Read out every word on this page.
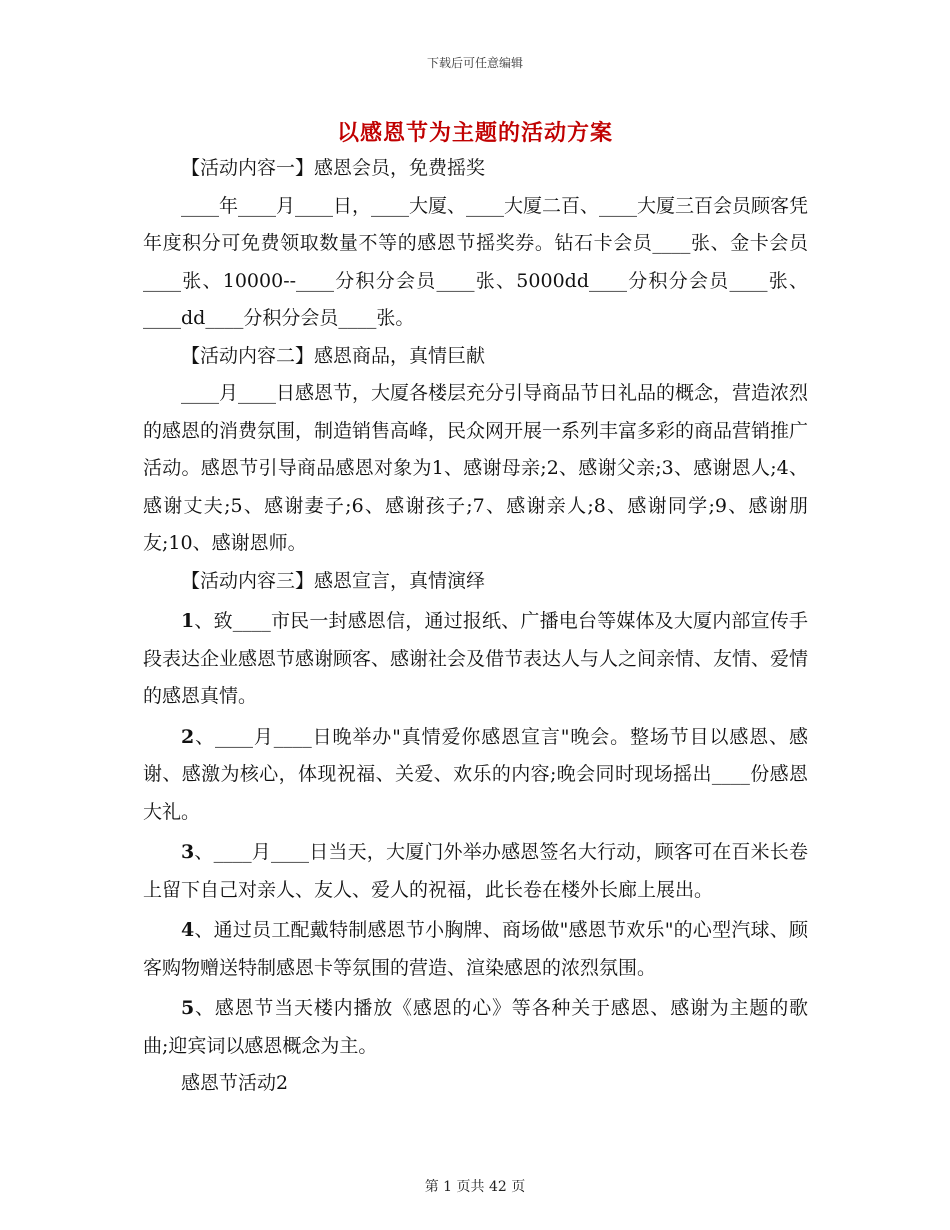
下载后可任意编辑
以感恩节为主题的活动方案

【活动内容一】感恩会员，免费摇奖

____年____月____日，____大厦、____大厦二百、____大厦三百会员顾客凭年度积分可免费领取数量不等的感恩节摇奖券。钻石卡会员____张、金卡会员____张、10000--____分积分会员____张、5000dd____分积分会员____张、____dd____分积分会员____张。

【活动内容二】感恩商品，真情巨献

____月____日感恩节，大厦各楼层充分引导商品节日礼品的概念，营造浓烈的感恩的消费氛围，制造销售高峰，民众网开展一系列丰富多彩的商品营销推广活动。感恩节引导商品感恩对象为1、感谢母亲;2、感谢父亲;3、感谢恩人;4、感谢丈夫;5、感谢妻子;6、感谢孩子;7、感谢亲人;8、感谢同学;9、感谢朋友;10、感谢恩师。

【活动内容三】感恩宣言，真情演绎

1、致____市民一封感恩信，通过报纸、广播电台等媒体及大厦内部宣传手段表达企业感恩节感谢顾客、感谢社会及借节表达人与人之间亲情、友情、爱情的感恩真情。

2、____月____日晚举办"真情爱你感恩宣言"晚会。整场节目以感恩、感谢、感激为核心，体现祝福、关爱、欢乐的内容;晚会同时现场摇出____份感恩大礼。

3、____月____日当天，大厦门外举办感恩签名大行动，顾客可在百米长卷上留下自己对亲人、友人、爱人的祝福，此长卷在楼外长廊上展出。

4、通过员工配戴特制感恩节小胸牌、商场做"感恩节欢乐"的心型汽球、顾客购物赠送特制感恩卡等氛围的营造、渲染感恩的浓烈氛围。

5、感恩节当天楼内播放《感恩的心》等各种关于感恩、感谢为主题的歌曲;迎宾词以感恩概念为主。

感恩节活动2

第 1 页共 42 页
